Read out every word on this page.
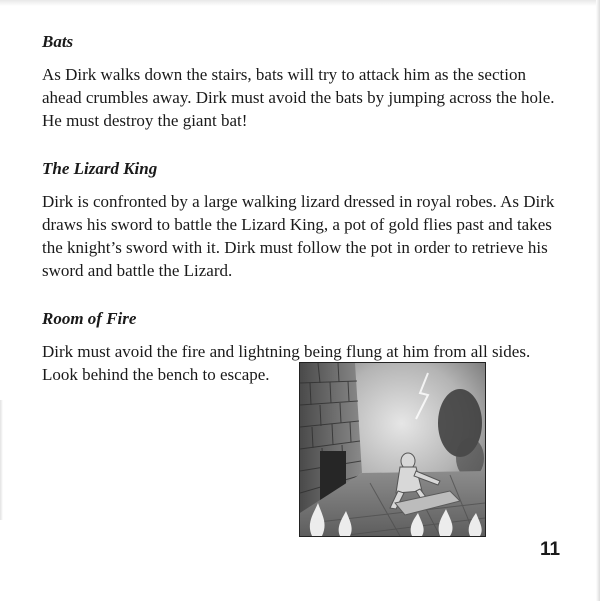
Bats

As Dirk walks down the stairs, bats will try to attack him as the section ahead crumbles away. Dirk must avoid the bats by jumping across the hole. He must destroy the giant bat!

The Lizard King

Dirk is confronted by a large walking lizard dressed in royal robes. As Dirk draws his sword to battle the Lizard King, a pot of gold flies past and takes the knight’s sword with it. Dirk must follow the pot in order to retrieve his sword and battle the Lizard.

Room of Fire

Dirk must avoid the fire and lightning being flung at him from all sides.
Look behind the bench to escape.

11
